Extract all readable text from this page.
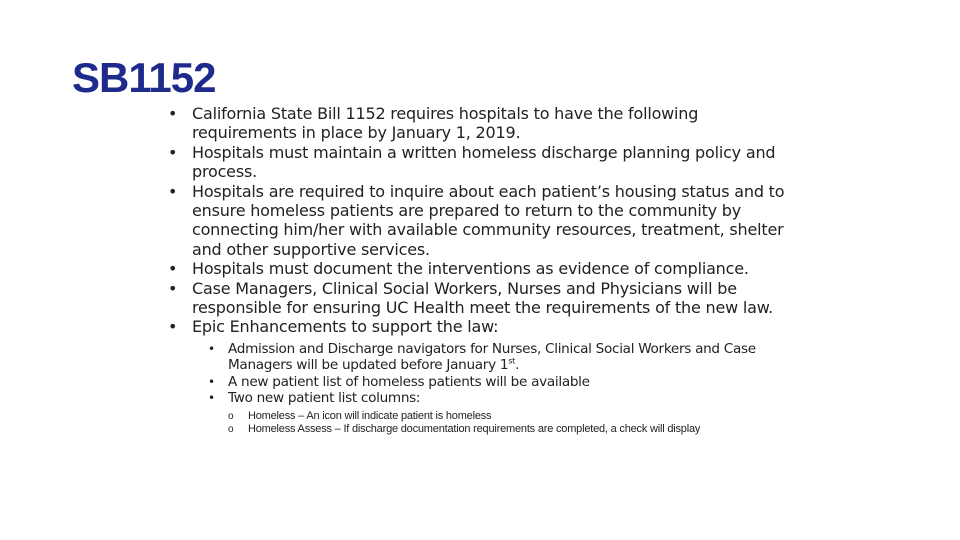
SB1152
• California State Bill 1152 requires hospitals to have the following requirements in place by January 1, 2019.
• Hospitals must maintain a written homeless discharge planning policy and process.
• Hospitals are required to inquire about each patient’s housing status and to ensure homeless patients are prepared to return to the community by connecting him/her with available community resources, treatment, shelter and other supportive services.
• Hospitals must document the interventions as evidence of compliance.
• Case Managers, Clinical Social Workers, Nurses and Physicians will be responsible for ensuring UC Health meet the requirements of the new law.
• Epic Enhancements to support the law:
• Admission and Discharge navigators for Nurses, Clinical Social Workers and Case Managers will be updated before January 1st.
• A new patient list of homeless patients will be available
• Two new patient list columns:
o Homeless – An icon will indicate patient is homeless
o Homeless Assess – If discharge documentation requirements are completed, a check will display
